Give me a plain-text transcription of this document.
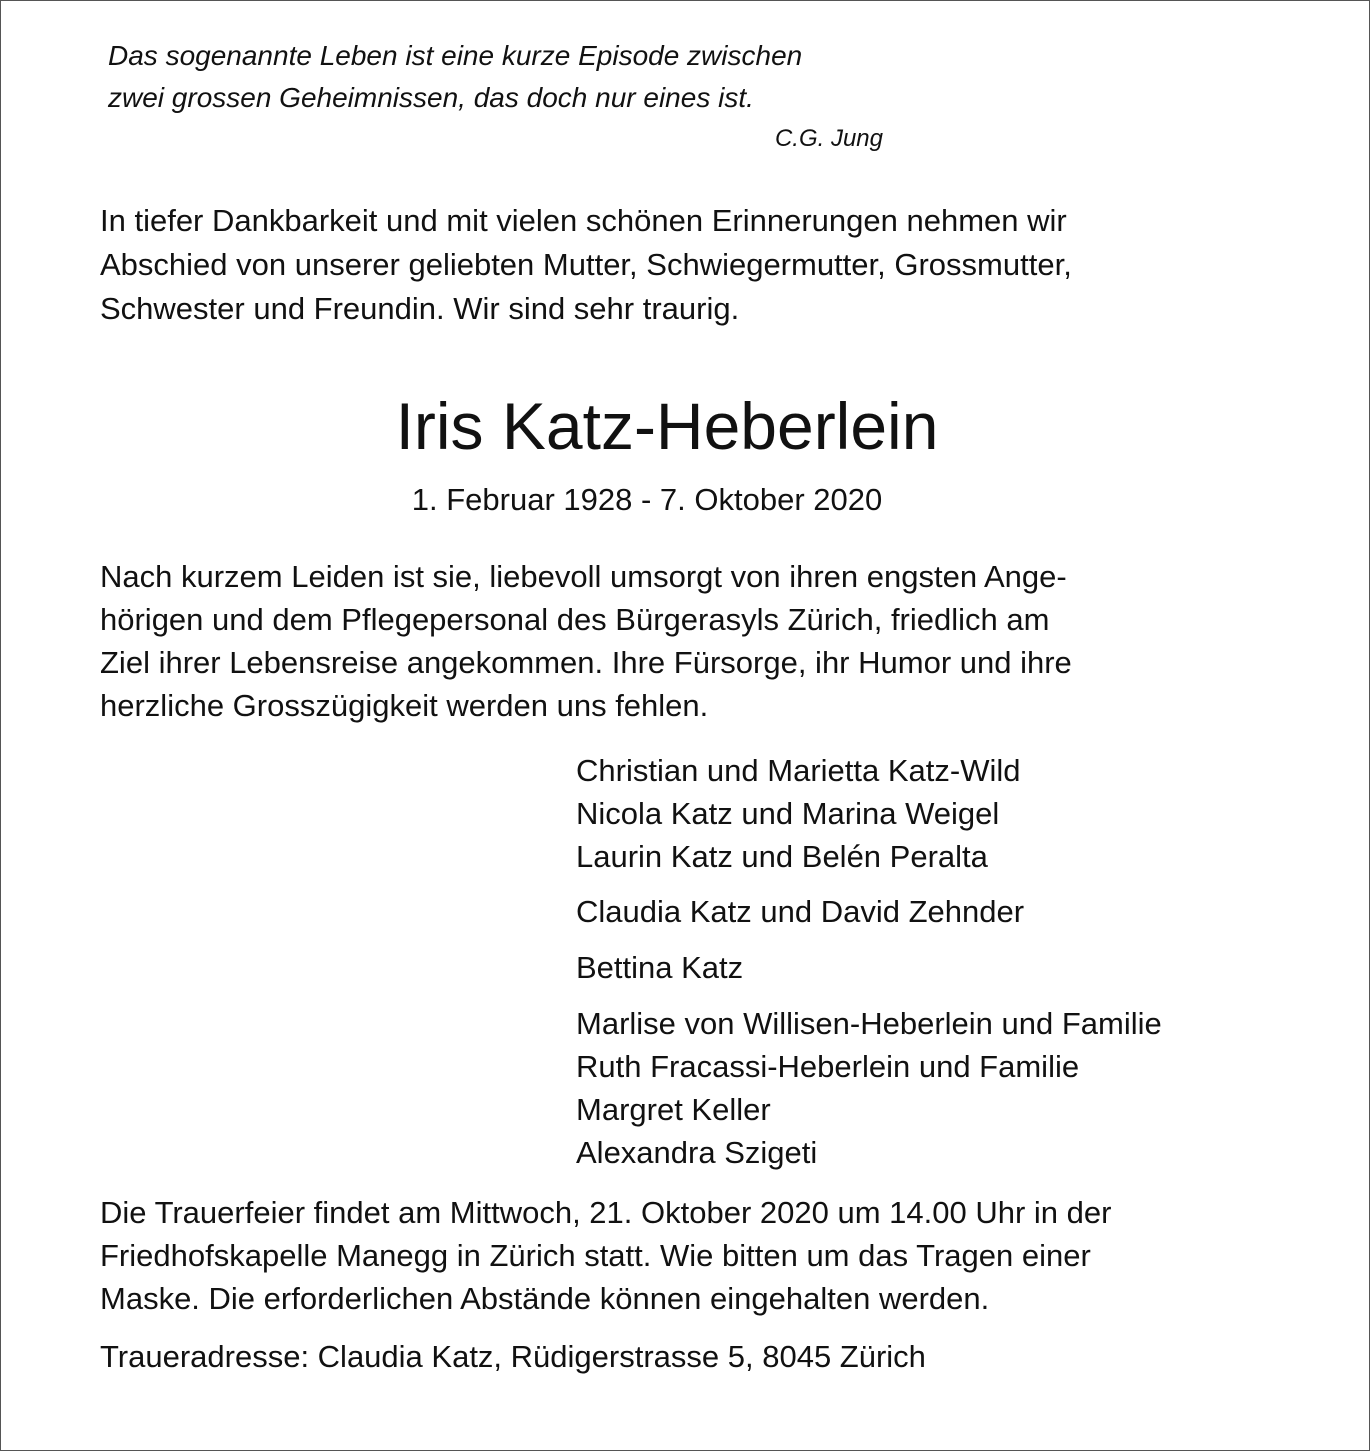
Das sogenannte Leben ist eine kurze Episode zwischen
zwei grossen Geheimnissen, das doch nur eines ist.
C.G. Jung
In tiefer Dankbarkeit und mit vielen schönen Erinnerungen nehmen wir
Abschied von unserer geliebten Mutter, Schwiegermutter, Grossmutter,
Schwester und Freundin. Wir sind sehr traurig.
Iris Katz-Heberlein
1. Februar 1928 - 7. Oktober 2020
Nach kurzem Leiden ist sie, liebevoll umsorgt von ihren engsten Ange-
hörigen und dem Pflegepersonal des Bürgerasyls Zürich, friedlich am
Ziel ihrer Lebensreise angekommen. Ihre Fürsorge, ihr Humor und ihre
herzliche Grosszügigkeit werden uns fehlen.
Christian und Marietta Katz-Wild
Nicola Katz und Marina Weigel
Laurin Katz und Belén Peralta
Claudia Katz und David Zehnder
Bettina Katz
Marlise von Willisen-Heberlein und Familie
Ruth Fracassi-Heberlein und Familie
Margret Keller
Alexandra Szigeti
Die Trauerfeier findet am Mittwoch, 21. Oktober 2020 um 14.00 Uhr in der
Friedhofskapelle Manegg in Zürich statt. Wie bitten um das Tragen einer
Maske. Die erforderlichen Abstände können eingehalten werden.
Traueradresse: Claudia Katz, Rüdigerstrasse 5, 8045 Zürich
